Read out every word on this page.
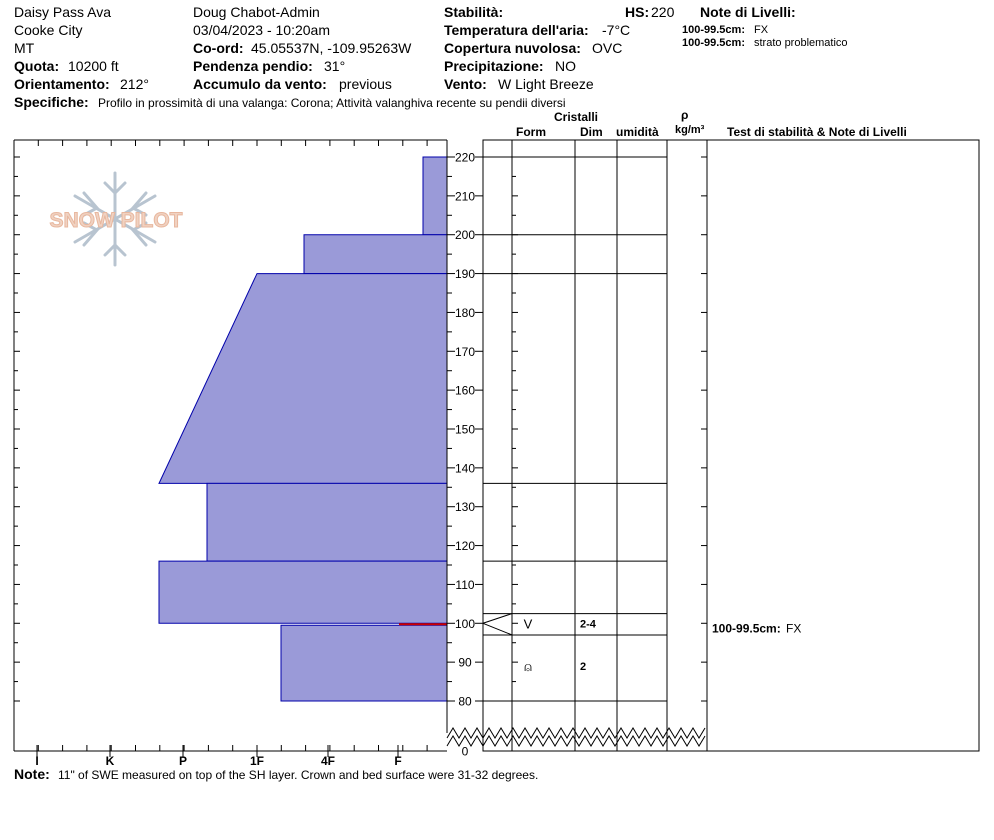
Daisy Pass Ava
Cooke City
MT
Quota: 10200 ft
Orientamento: 212°
Doug Chabot-Admin
03/04/2023 - 10:20am
Co-ord: 45.05537N, -109.95263W
Pendenza pendio: 31°
Accumulo da vento: previous
Stabilità:	HS: 220
Temperatura dell'aria: -7°C
Copertura nuvolosa: OVC
Precipitazione: NO
Vento: W Light Breeze
Note di Livelli:
100-99.5cm: FX
100-99.5cm: strato problematico
Specifiche: Profilo in prossimità di una valanga: Corona; Attività valanghiva recente su pendii diversi
Cristalli
Form	Dim umidità
ρ
kg/m³ Test di stabilità & Note di Livelli
SNOW PILOT
I	K	P	1F	4F	F
0
80
90
100
110
120
130
140
150
160
170
180
190
200
210
220
V	2-4
⍝	2
100-99.5cm: FX
Note: 11" of SWE measured on top of the SH layer. Crown and bed surface were 31-32 degrees.
